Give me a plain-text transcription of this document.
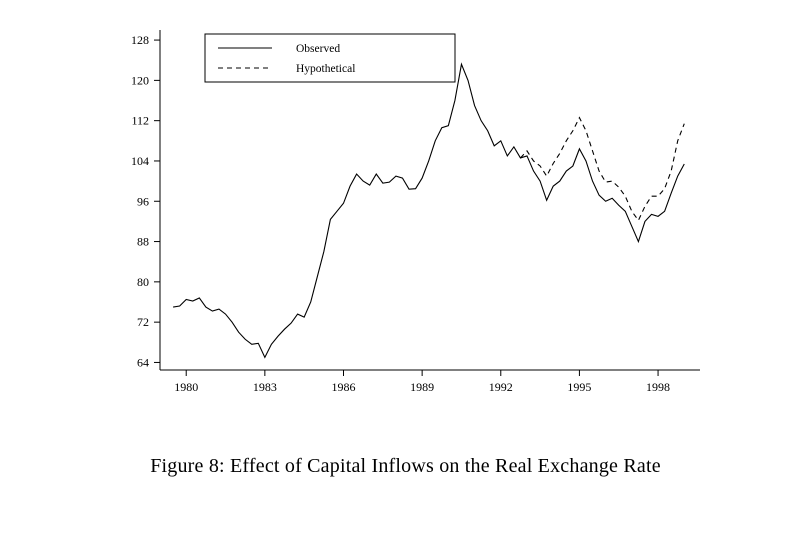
64
72
80
88
96
104
112
120
128
1980	1983	1986	1989	1992	1995	1998
Observed
Hypothetical
Figure 8: Effect of Capital Inflows on the Real Exchange Rate
